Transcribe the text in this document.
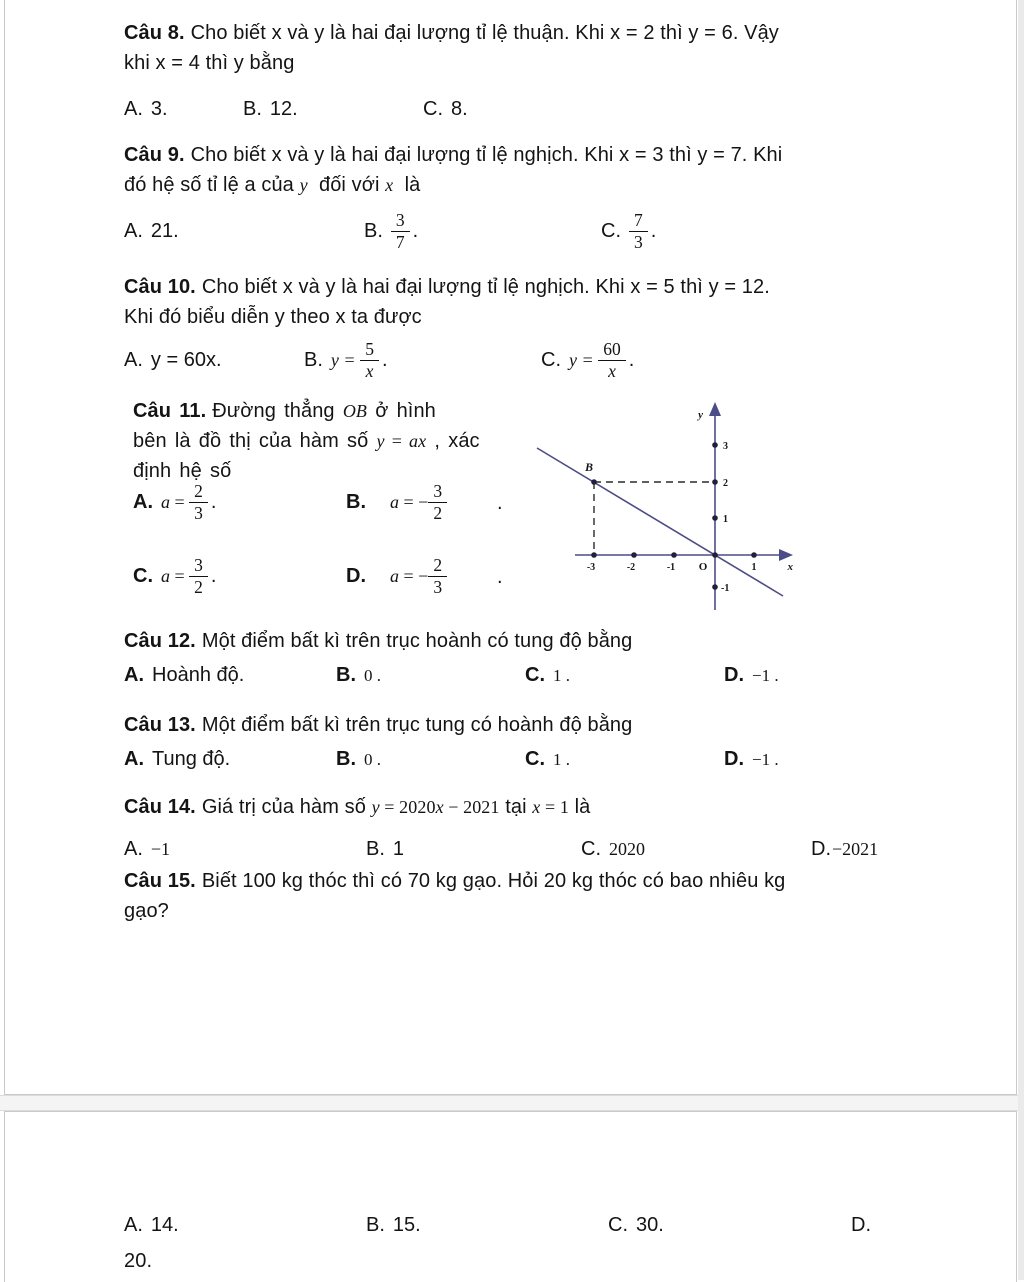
Câu 8. Cho biết x và y là hai đại lượng tỉ lệ thuận. Khi x = 2 thì y = 6. Vậy
khi x = 4 thì y bằng
A. 3.	B. 12.	C. 8.
Câu 9. Cho biết x và y là hai đại lượng tỉ lệ nghịch. Khi x = 3 thì y = 7. Khi
đó hệ số tỉ lệ a của y đối với x là
A. 21.	B. $\frac{3}{7}$ .	C. $\frac{7}{3}$ .
Câu 10. Cho biết x và y là hai đại lượng tỉ lệ nghịch. Khi x = 5 thì y = 12.
Khi đó biểu diễn y theo x ta được
A. y = 60x.	B. y
=
$\frac{5}{x}$ .	C. y
=
$\frac{60}{x}$ .
Câu 11. Đường thẳng OB ở hình
bên là đồ thị của hàm số y = ax , xác
định hệ số
A. $a = \frac{2}{3}$ .	B. a = − $\frac{3}{2}$ .
C. $a = \frac{3}{2}$ .	D. a = − $\frac{2}{3}$ .
y
x
B
O
-3	-2	-1	1
3
2
1
-1
Câu 12. Một điểm bất kì trên trục hoành có tung độ bằng
A. Hoành độ.	B. 0 .	C. 1 .	D. −1 .
Câu 13. Một điểm bất kì trên trục tung có hoành độ bằng
A. Tung độ.	B. 0 .	C. 1 .	D. −1 .
Câu 14. Giá trị của hàm số y = 2020x − 2021 tại x = 1 là
A. −1	B. 1	C. 2020	D.−2021
Câu 15. Biết 100 kg thóc thì có 70 kg gạo. Hỏi 20 kg thóc có bao nhiêu kg
gạo?
A. 14.	B. 15.	C. 30.	D.
20.
